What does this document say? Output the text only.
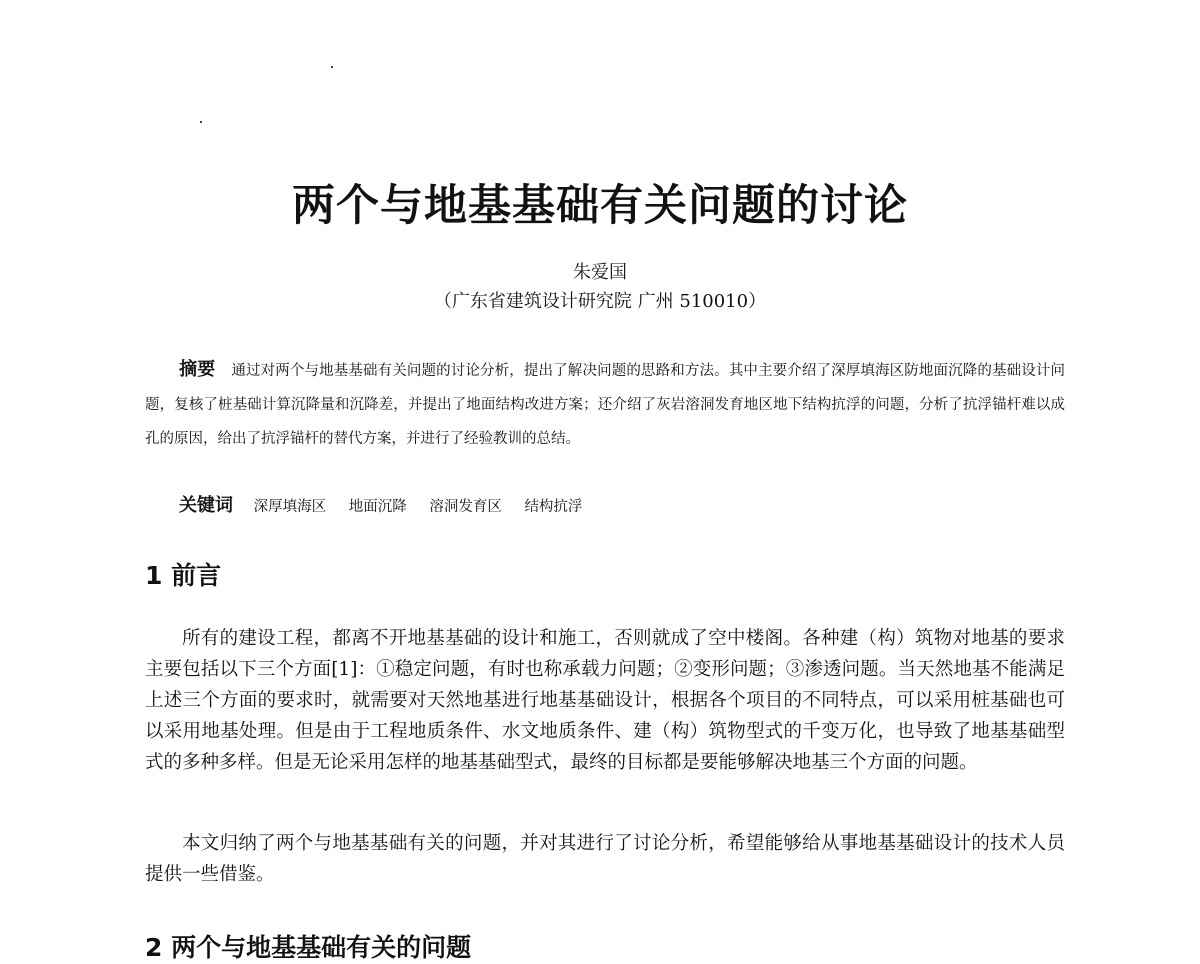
两个与地基基础有关问题的讨论
朱爱国
（广东省建筑设计研究院 广州 510010）
摘要 通过对两个与地基基础有关问题的讨论分析，提出了解决问题的思路和方法。其中主要介绍了深厚填海区防地面沉降的基础设计问题，复核了桩基础计算沉降量和沉降差，并提出了地面结构改进方案；还介绍了灰岩溶洞发育地区地下结构抗浮的问题，分析了抗浮锚杆难以成孔的原因，给出了抗浮锚杆的替代方案，并进行了经验教训的总结。
关键词 深厚填海区 地面沉降 溶洞发育区 结构抗浮
1 前言

所有的建设工程，都离不开地基基础的设计和施工，否则就成了空中楼阁。各种建（构）筑物对地基的要求主要包括以下三个方面[1]：①稳定问题，有时也称承载力问题；②变形问题；③渗透问题。当天然地基不能满足上述三个方面的要求时，就需要对天然地基进行地基基础设计，根据各个项目的不同特点，可以采用桩基础也可以采用地基处理。但是由于工程地质条件、水文地质条件、建（构）筑物型式的千变万化，也导致了地基基础型式的多种多样。但是无论采用怎样的地基基础型式，最终的目标都是要能够解决地基三个方面的问题。

本文归纳了两个与地基基础有关的问题，并对其进行了讨论分析，希望能够给从事地基基础设计的技术人员提供一些借鉴。

2 两个与地基基础有关的问题
